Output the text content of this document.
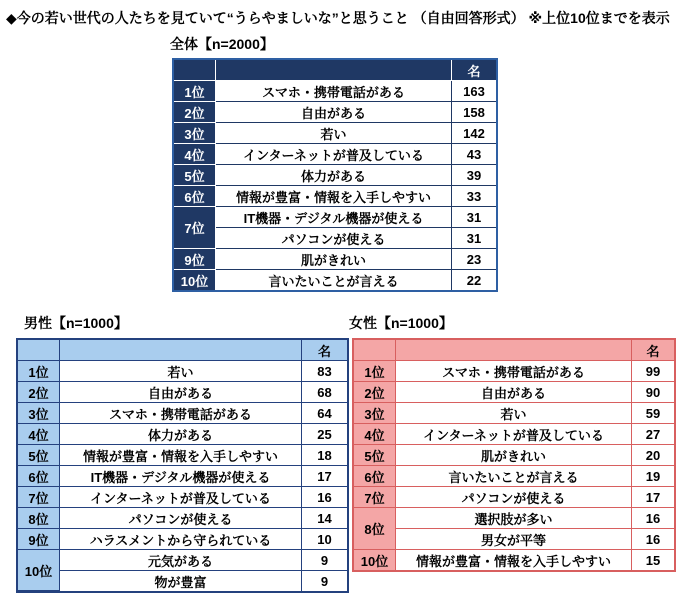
◆今の若い世代の人たちを見ていて“うらやましいな”と思うこと （自由回答形式） ※上位10位までを表示
全体【n=2000】
男性【n=1000】	女性【n=1000】
		名
1位	スマホ・携帯電話がある	163
2位	自由がある	158
3位	若い	142
4位	インターネットが普及している	43
5位	体力がある	39
6位	情報が豊富・情報を入手しやすい	33
7位	IT機器・デジタル機器が使える	31
	パソコンが使える	31
9位	肌がきれい	23
10位	言いたいことが言える	22
		名
1位	若い	83
2位	自由がある	68
3位	スマホ・携帯電話がある	64
4位	体力がある	25
5位	情報が豊富・情報を入手しやすい	18
6位	IT機器・デジタル機器が使える	17
7位	インターネットが普及している	16
8位	パソコンが使える	14
9位	ハラスメントから守られている	10
10位	元気がある	9
	物が豊富	9
		名
1位	スマホ・携帯電話がある	99
2位	自由がある	90
3位	若い	59
4位	インターネットが普及している	27
5位	肌がきれい	20
6位	言いたいことが言える	19
7位	パソコンが使える	17
8位	選択肢が多い	16
	男女が平等	16
10位	情報が豊富・情報を入手しやすい	15
